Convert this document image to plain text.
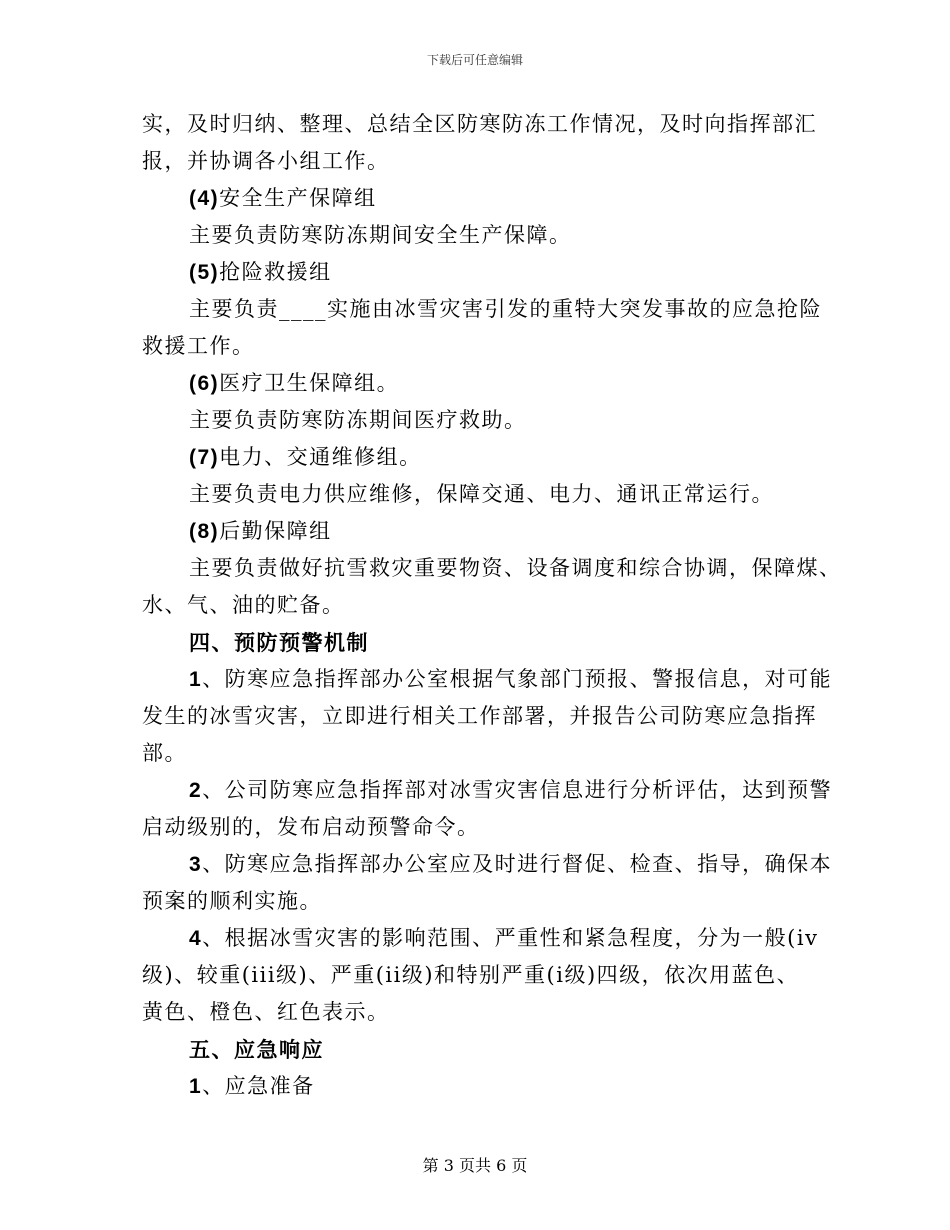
下载后可任意编辑
实，及时归纳、整理、总结全区防寒防冻工作情况，及时向指挥部汇
报，并协调各小组工作。
(4)安全生产保障组
主要负责防寒防冻期间安全生产保障。
(5)抢险救援组
主要负责____实施由冰雪灾害引发的重特大突发事故的应急抢险
救援工作。
(6)医疗卫生保障组。
主要负责防寒防冻期间医疗救助。
(7)电力、交通维修组。
主要负责电力供应维修，保障交通、电力、通讯正常运行。
(8)后勤保障组
主要负责做好抗雪救灾重要物资、设备调度和综合协调，保障煤、
水、气、油的贮备。
四、预防预警机制
1、防寒应急指挥部办公室根据气象部门预报、警报信息，对可能
发生的冰雪灾害，立即进行相关工作部署，并报告公司防寒应急指挥
部。
2、公司防寒应急指挥部对冰雪灾害信息进行分析评估，达到预警
启动级别的，发布启动预警命令。
3、防寒应急指挥部办公室应及时进行督促、检查、指导，确保本
预案的顺利实施。
4、根据冰雪灾害的影响范围、严重性和紧急程度，分为一般(iv
级)、较重(iii级)、严重(ii级)和特别严重(i级)四级，依次用蓝色、
黄色、橙色、红色表示。
五、应急响应
1、应急准备
第 3 页共 6 页
